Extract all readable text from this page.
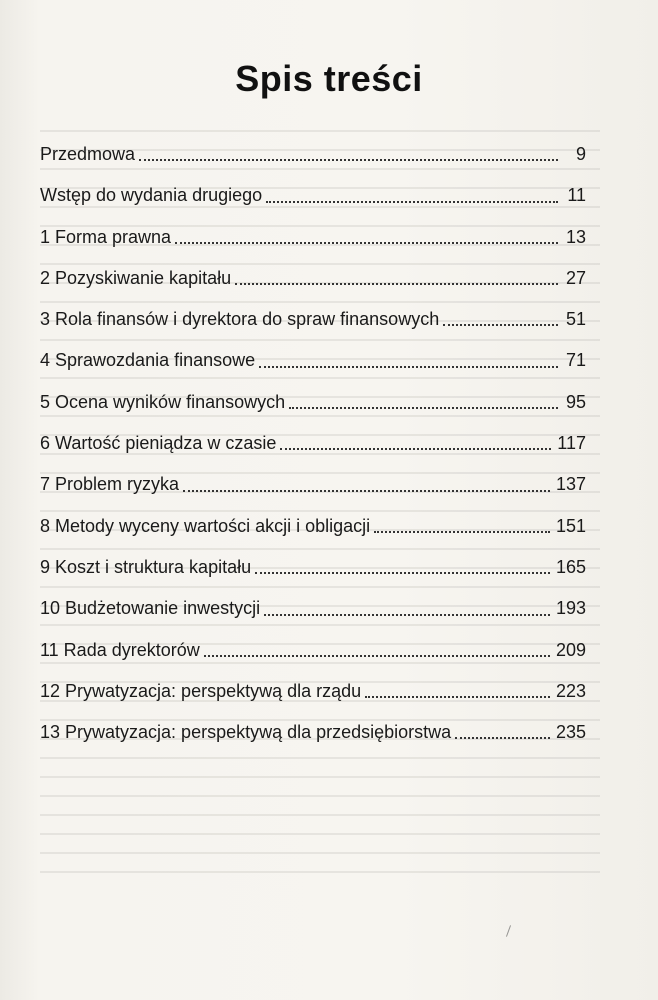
Spis treści
Przedmowa	9
Wstęp do wydania drugiego	11
1 Forma prawna	13
2 Pozyskiwanie kapitału	27
3 Rola finansów i dyrektora do spraw finansowych	51
4 Sprawozdania finansowe	71
5 Ocena wyników finansowych	95
6 Wartość pieniądza w czasie	117
7 Problem ryzyka	137
8 Metody wyceny wartości akcji i obligacji	151
9 Koszt i struktura kapitału	165
10 Budżetowanie inwestycji	193
11 Rada dyrektorów	209
12 Prywatyzacja: perspektywą dla rządu	223
13 Prywatyzacja: perspektywą dla przedsiębiorstwa	235
